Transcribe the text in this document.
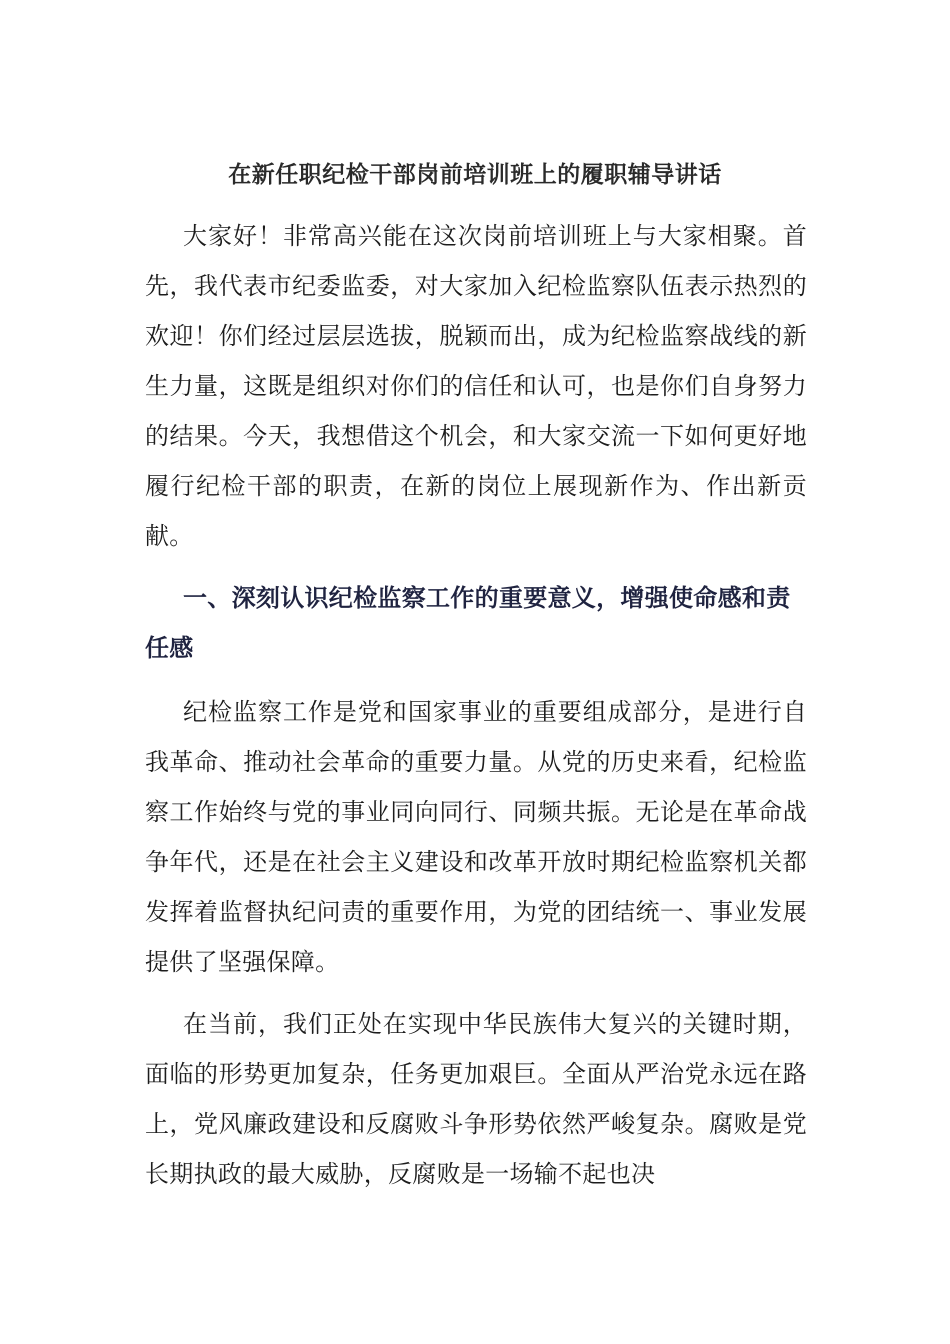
在新任职纪检干部岗前培训班上的履职辅导讲话

大家好！非常高兴能在这次岗前培训班上与大家相聚。首先，我代表市纪委监委，对大家加入纪检监察队伍表示热烈的欢迎！你们经过层层选拔，脱颖而出，成为纪检监察战线的新生力量，这既是组织对你们的信任和认可，也是你们自身努力的结果。今天，我想借这个机会，和大家交流一下如何更好地履行纪检干部的职责，在新的岗位上展现新作为、作出新贡献。

一、深刻认识纪检监察工作的重要意义，增强使命感和责任感

纪检监察工作是党和国家事业的重要组成部分，是进行自我革命、推动社会革命的重要力量。从党的历史来看，纪检监察工作始终与党的事业同向同行、同频共振。无论是在革命战争年代，还是在社会主义建设和改革开放时期纪检监察机关都发挥着监督执纪问责的重要作用，为党的团结统一、事业发展提供了坚强保障。

在当前，我们正处在实现中华民族伟大复兴的关键时期，面临的形势更加复杂，任务更加艰巨。全面从严治党永远在路上，党风廉政建设和反腐败斗争形势依然严峻复杂。腐败是党长期执政的最大威胁，反腐败是一场输不起也决
